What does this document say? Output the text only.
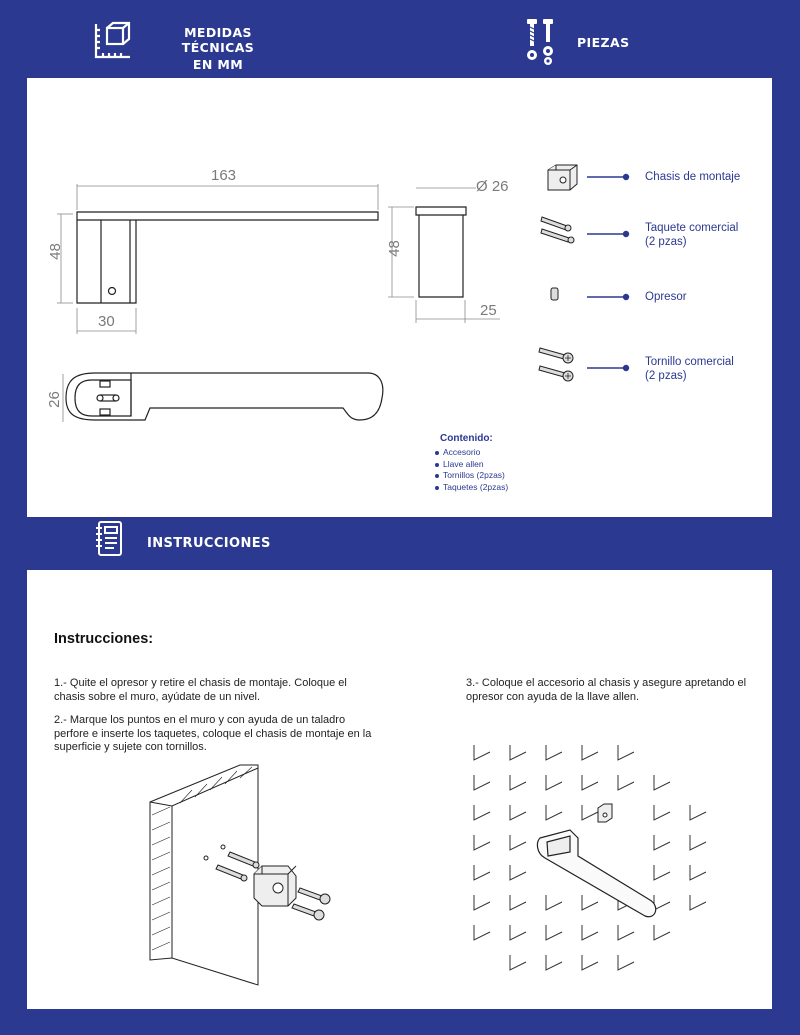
MEDIDAS TÉCNICAS
EN MM
PIEZAS
163
48
30
Ø 26
48
25
26
Chasis de montaje
Taquete comercial
(2 pzas)
Opresor
Tornillo comercial
(2 pzas)
Contenido:
Accesorio
Llave allen
Tornillos (2pzas)
Taquetes (2pzas)
INSTRUCCIONES
Instrucciones:
1.- Quite el opresor y retire el chasis de montaje. Coloque el chasis sobre el muro, ayúdate de un nivel.
2.- Marque los puntos en el muro y con ayuda de un taladro perfore e inserte los taquetes, coloque el chasis de montaje en la superficie y sujete con tornillos.
3.- Coloque el accesorio al chasis y asegure apretando el opresor con ayuda de la llave allen.
